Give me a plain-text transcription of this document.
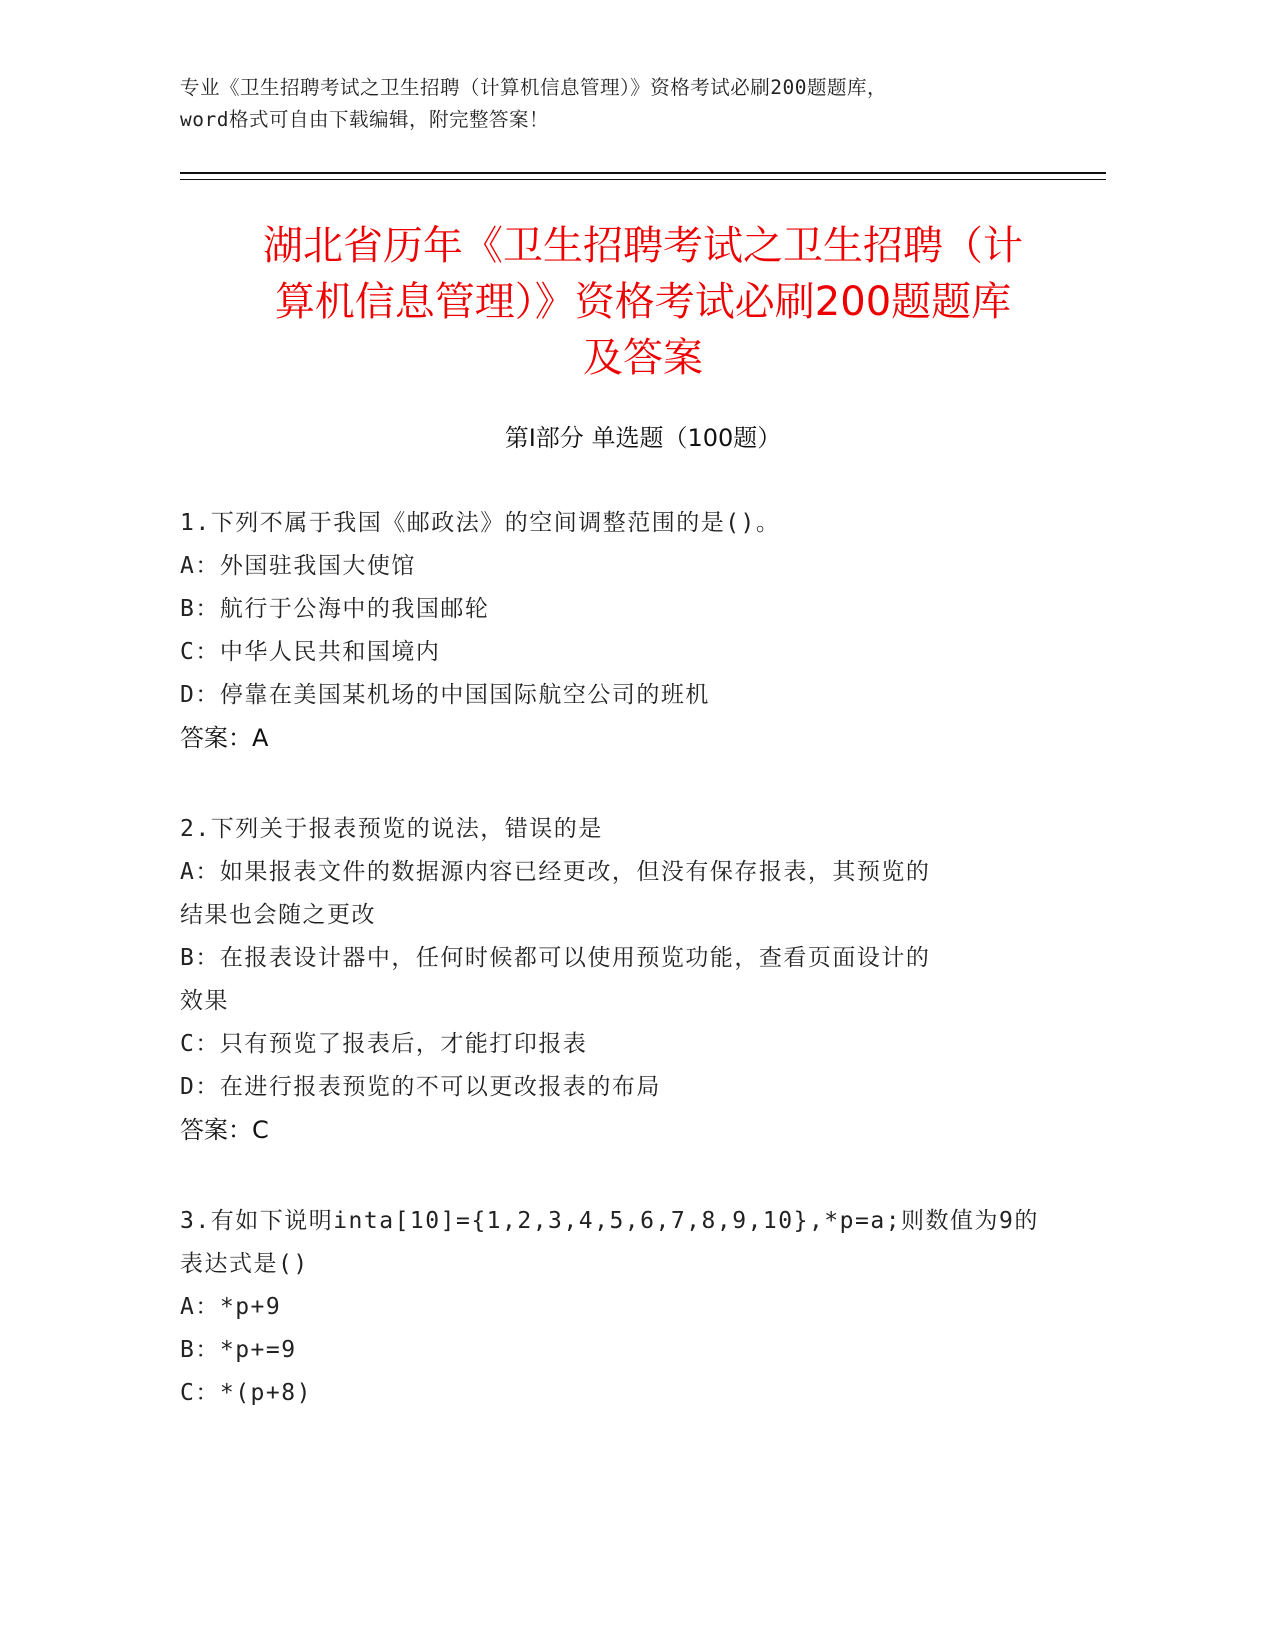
专业《卫生招聘考试之卫生招聘（计算机信息管理）》资格考试必刷200题题库，
word格式可自由下载编辑，附完整答案！
湖北省历年《卫生招聘考试之卫生招聘（计
算机信息管理）》资格考试必刷200题题库
及答案
第Ⅰ部分 单选题（100题）
1.下列不属于我国《邮政法》的空间调整范围的是()。
A：外国驻我国大使馆
B：航行于公海中的我国邮轮
C：中华人民共和国境内
D：停靠在美国某机场的中国国际航空公司的班机
答案：A
2.下列关于报表预览的说法，错误的是
A：如果报表文件的数据源内容已经更改，但没有保存报表，其预览的
结果也会随之更改
B：在报表设计器中，任何时候都可以使用预览功能，查看页面设计的
效果
C：只有预览了报表后，才能打印报表
D：在进行报表预览的不可以更改报表的布局
答案：C
3.有如下说明inta[10]={1,2,3,4,5,6,7,8,9,10},*p=a;则数值为9的
表达式是()
A：*p+9
B：*p+=9
C：*(p+8)
